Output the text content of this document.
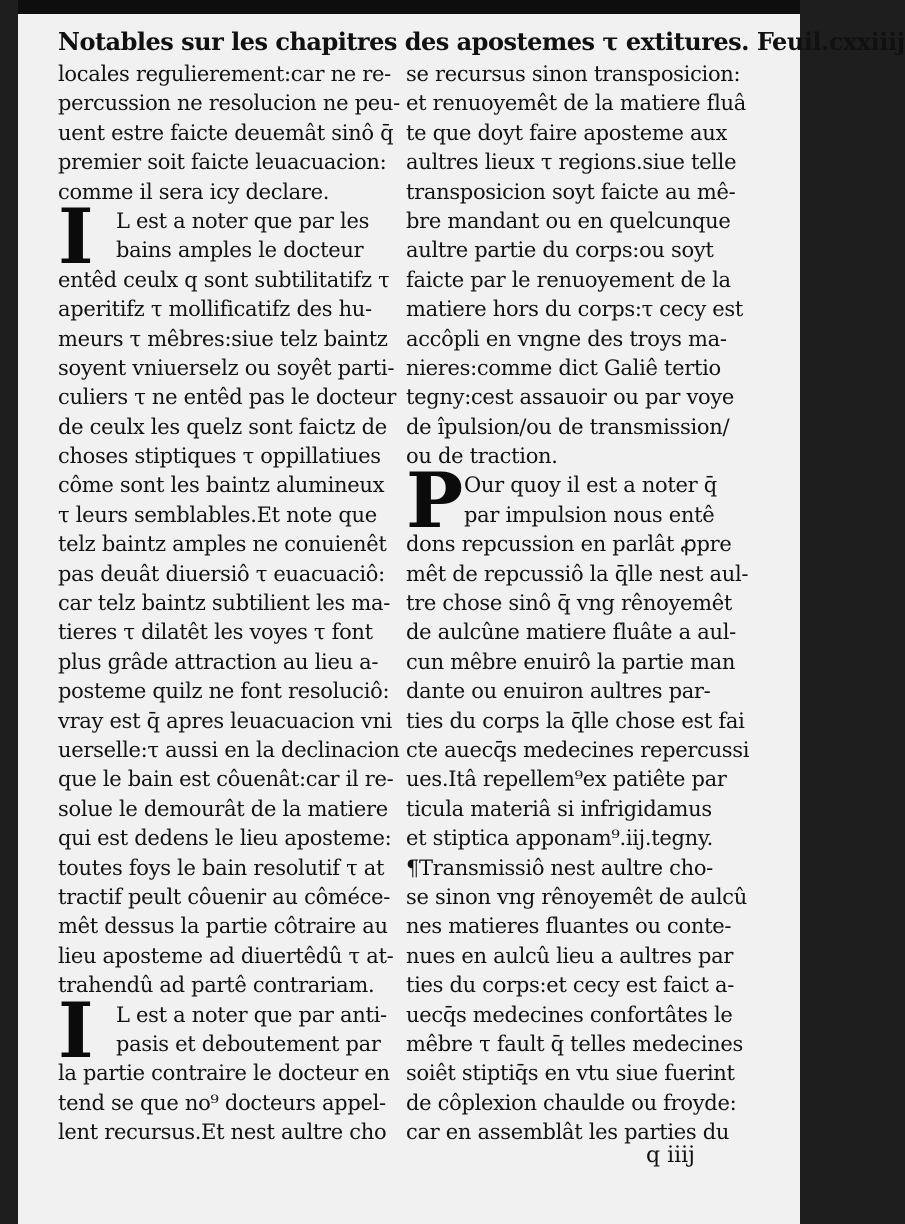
Notables sur les chapitres des apostemes τ extitures. Feuil.cxxiiij
locales regulierement:car ne re-
percussion ne resolucion ne peu-
uent estre faicte deuemât sinô q̄
premier soit faicte leuacuacion:
comme il sera icy declare.
I L est a noter que par les
bains amples le docteur
entêd ceulx q sont subtilitatifz τ
aperitifz τ mollificatifz des hu-
meurs τ mêbres:siue telz baintz
soyent vniuerselz ou soyêt parti-
culiers τ ne entêd pas le docteur
de ceulx les quelz sont faictz de
choses stiptiques τ oppillatiues
côme sont les baintz alumineux
τ leurs semblables.Et note que
telz baintz amples ne conuienêt
pas deuât diuersiô τ euacuaciô:
car telz baintz subtilient les ma-
tieres τ dilatêt les voyes τ font
plus grâde attraction au lieu a-
posteme quilz ne font resoluciô:
vray est q̄ apres leuacuacion vni
uerselle:τ aussi en la declinacion
que le bain est côuenât:car il re-
solue le demourât de la matiere
qui est dedens le lieu aposteme:
toutes foys le bain resolutif τ at
tractif peult côuenir au côméce-
mêt dessus la partie côtraire au
lieu aposteme ad diuertêdû τ at-
trahendû ad partê contrariam.
I L est a noter que par anti-
pasis et deboutement par
la partie contraire le docteur en
tend se que no⁹ docteurs appel-
lent recursus.Et nest aultre cho
se recursus sinon transposicion:
et renuoyemêt de la matiere fluâ
te que doyt faire aposteme aux
aultres lieux τ regions.siue telle
transposicion soyt faicte au mê-
bre mandant ou en quelcunque
aultre partie du corps:ou soyt
faicte par le renuoyement de la
matiere hors du corps:τ cecy est
accôpli en vngne des troys ma-
nieres:comme dict Galiê tertio
tegny:cest assauoir ou par voye
de îpulsion/ou de transmission/
ou de traction.
P Our quoy il est a noter q̄
par impulsion nous entê
dons repcussion en parlât ꝓpre
mêt de repcussiô la q̄lle nest aul-
tre chose sinô q̄ vng rênoyemêt
de aulcûne matiere fluâte a aul-
cun mêbre enuirô la partie man
dante ou enuiron aultres par-
ties du corps la q̄lle chose est fai
cte auecq̄s medecines repercussi
ues.Itâ repellem⁹ex patiête par
ticula materiâ si infrigidamus
et stiptica apponam⁹.iij.tegny.
¶Transmissiô nest aultre cho-
se sinon vng rênoyemêt de aulcû
nes matieres fluantes ou conte-
nues en aulcû lieu a aultres par
ties du corps:et cecy est faict a-
uecq̄s medecines confortâtes le
mêbre τ fault q̄ telles medecines
soiêt stiptiq̄s en vtu siue fuerint
de côplexion chaulde ou froyde:
car en assemblât les parties du
q iiij
